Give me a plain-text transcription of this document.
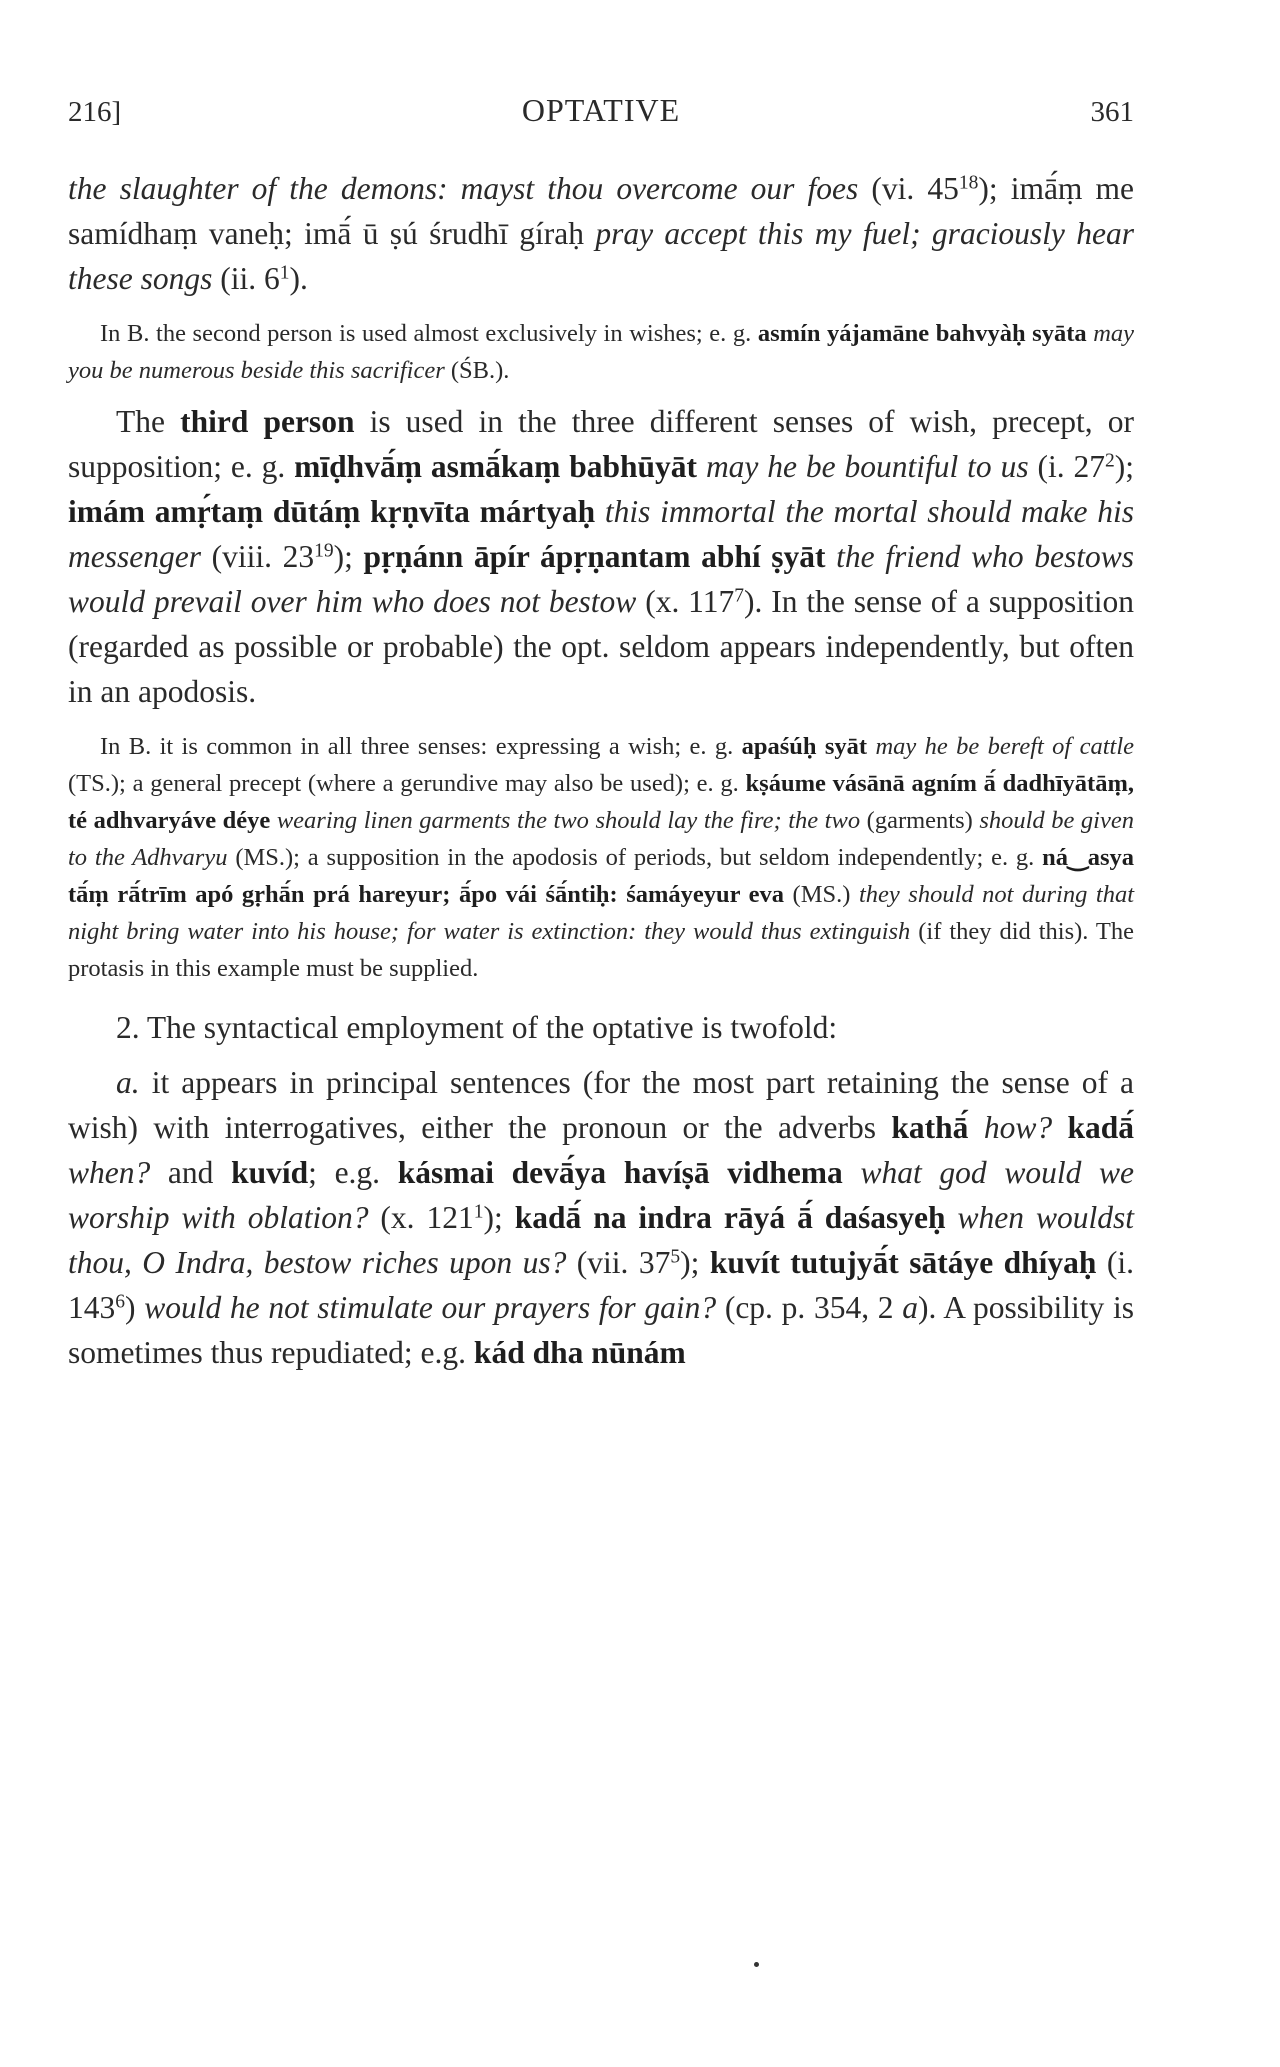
216]	OPTATIVE	361

the slaughter of the demons: mayst thou overcome our foes (vi. $45^{18}$); imā́ṃ me samídhaṃ vaneḥ; imā́ ū ṣú śrudhī gíraḥ pray accept this my fuel; graciously hear these songs (ii. $6^1$).

In B. the second person is used almost exclusively in wishes; e. g. asmín yájamāne bahvyàḥ syāta may you be numerous beside this sacrificer (ŚB.).

The third person is used in the three different senses of wish, precept, or supposition; e. g. mīḍhvā́ṃ asmā́kaṃ babhūyāt may he be bountiful to us (i. $27^2$); imám amṛ́taṃ dūtáṃ kṛṇvīta mártyaḥ this immortal the mortal should make his messenger (viii. $23^{19}$); pṛṇánn āpír ápṛṇantam abhí ṣyāt the friend who bestows would prevail over him who does not bestow (x. $117^7$). In the sense of a supposition (regarded as possible or probable) the opt. seldom appears independently, but often in an apodosis.

In B. it is common in all three senses: expressing a wish; e. g. apaśúḥ syāt may he be bereft of cattle (TS.); a general precept (where a gerundive may also be used); e. g. kṣáume vásānā agním ā́ dadhīyātāṃ, té adhvaryáve déye wearing linen garments the two should lay the fire; the two (garments) should be given to the Adhvaryu (MS.); a supposition in the apodosis of periods, but seldom independently; e. g. ná‿asya tā́ṃ rā́trīm apó gṛhā́n prá hareyur; ā́po vái śā́ntiḥ: śamáyeyur eva (MS.) they should not during that night bring water into his house; for water is extinction: they would thus extinguish (if they did this). The protasis in this example must be supplied.

2. The syntactical employment of the optative is twofold:

a. it appears in principal sentences (for the most part retaining the sense of a wish) with interrogatives, either the pronoun or the adverbs kathā́ how? kadā́ when? and kuvíd; e.g. kásmai devā́ya havíṣā vidhema what god would we worship with oblation? (x. $121^1$); kadā́ na indra rāyá ā́ daśasyeḥ when wouldst thou, O Indra, bestow riches upon us? (vii. $37^5$); kuvít tutujyā́t sātáye dhíyaḥ (i. $143^6$) would he not stimulate our prayers for gain? (cp. p. 354, 2 a). A possibility is sometimes thus repudiated; e.g. kád dha nūnám
